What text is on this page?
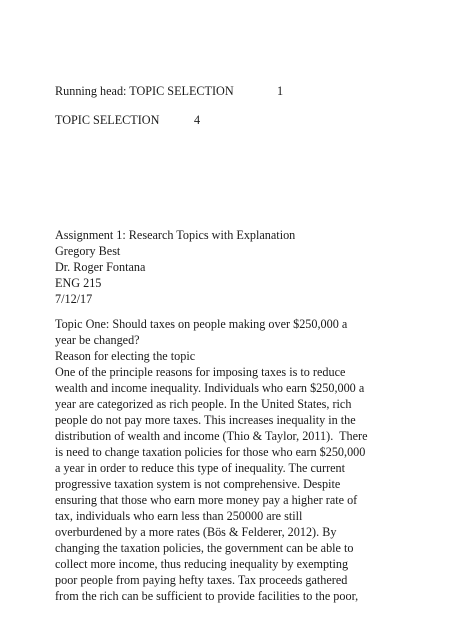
Running head: TOPIC SELECTION	1
TOPIC SELECTION	4
Assignment 1: Research Topics with Explanation
Gregory Best
Dr. Roger Fontana
ENG 215
7/12/17
Topic One: Should taxes on people making over $250,000 a
year be changed?
Reason for electing the topic
One of the principle reasons for imposing taxes is to reduce
wealth and income inequality. Individuals who earn $250,000 a
year are categorized as rich people. In the United States, rich
people do not pay more taxes. This increases inequality in the
distribution of wealth and income (Thio & Taylor, 2011).  There
is need to change taxation policies for those who earn $250,000
a year in order to reduce this type of inequality. The current
progressive taxation system is not comprehensive. Despite
ensuring that those who earn more money pay a higher rate of
tax, individuals who earn less than 250000 are still
overburdened by a more rates (Bös & Felderer, 2012). By
changing the taxation policies, the government can be able to
collect more income, thus reducing inequality by exempting
poor people from paying hefty taxes. Tax proceeds gathered
from the rich can be sufficient to provide facilities to the poor,
